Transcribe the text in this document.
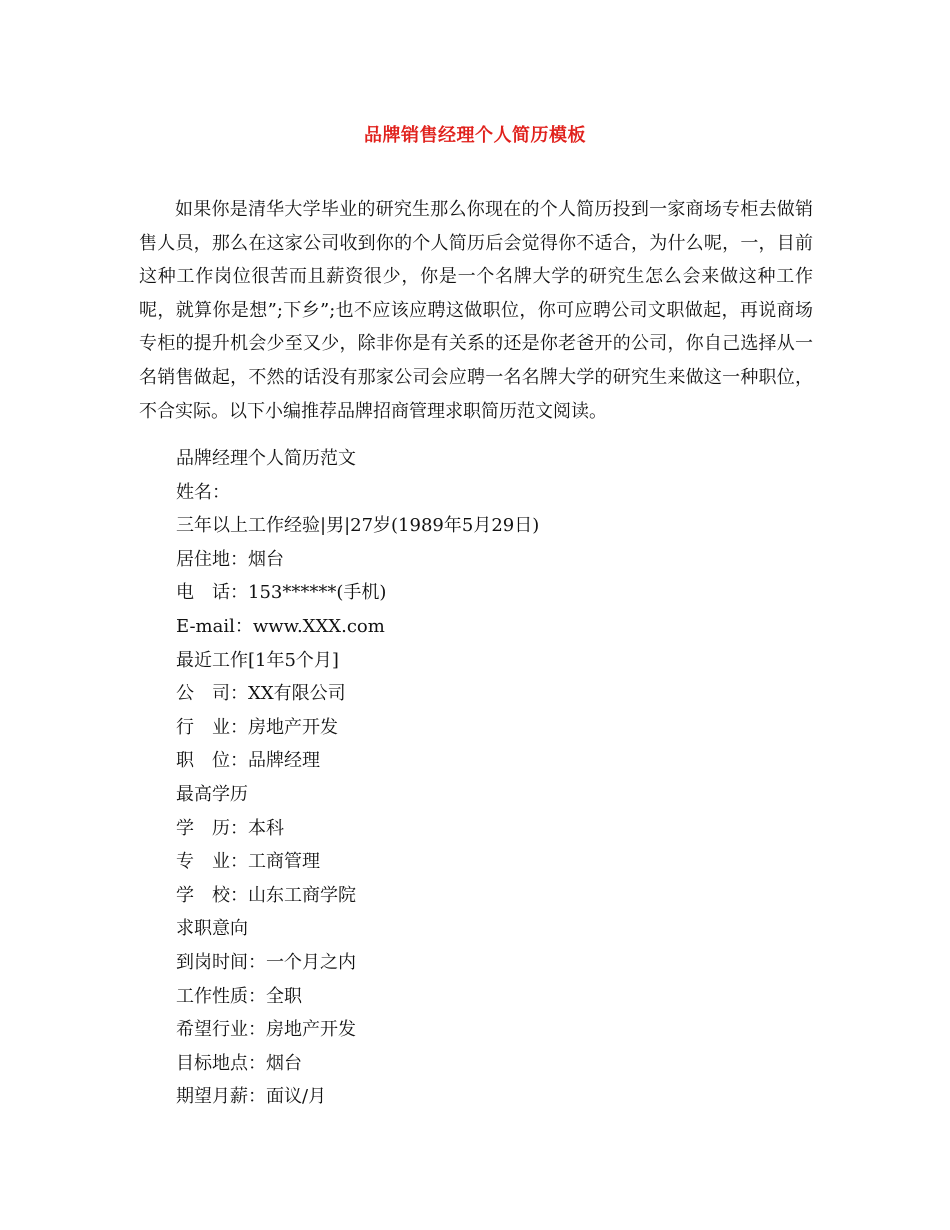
品牌销售经理个人简历模板

如果你是清华大学毕业的研究生那么你现在的个人简历投到一家商场专柜去做销售人员，那么在这家公司收到你的个人简历后会觉得你不适合，为什么呢，一，目前这种工作岗位很苦而且薪资很少，你是一个名牌大学的研究生怎么会来做这种工作呢，就算你是想”;下乡”;也不应该应聘这做职位，你可应聘公司文职做起，再说商场专柜的提升机会少至又少，除非你是有关系的还是你老爸开的公司，你自己选择从一名销售做起，不然的话没有那家公司会应聘一名名牌大学的研究生来做这一种职位，不合实际。以下小编推荐品牌招商管理求职简历范文阅读。

品牌经理个人简历范文
姓名：
三年以上工作经验|男|27岁(1989年5月29日)
居住地：烟台
电　话：153******(手机)
E-mail：www.XXX.com
最近工作[1年5个月]
公　司：XX有限公司
行　业：房地产开发
职　位：品牌经理
最高学历
学　历：本科
专　业：工商管理
学　校：山东工商学院
求职意向
到岗时间：一个月之内
工作性质：全职
希望行业：房地产开发
目标地点：烟台
期望月薪：面议/月
